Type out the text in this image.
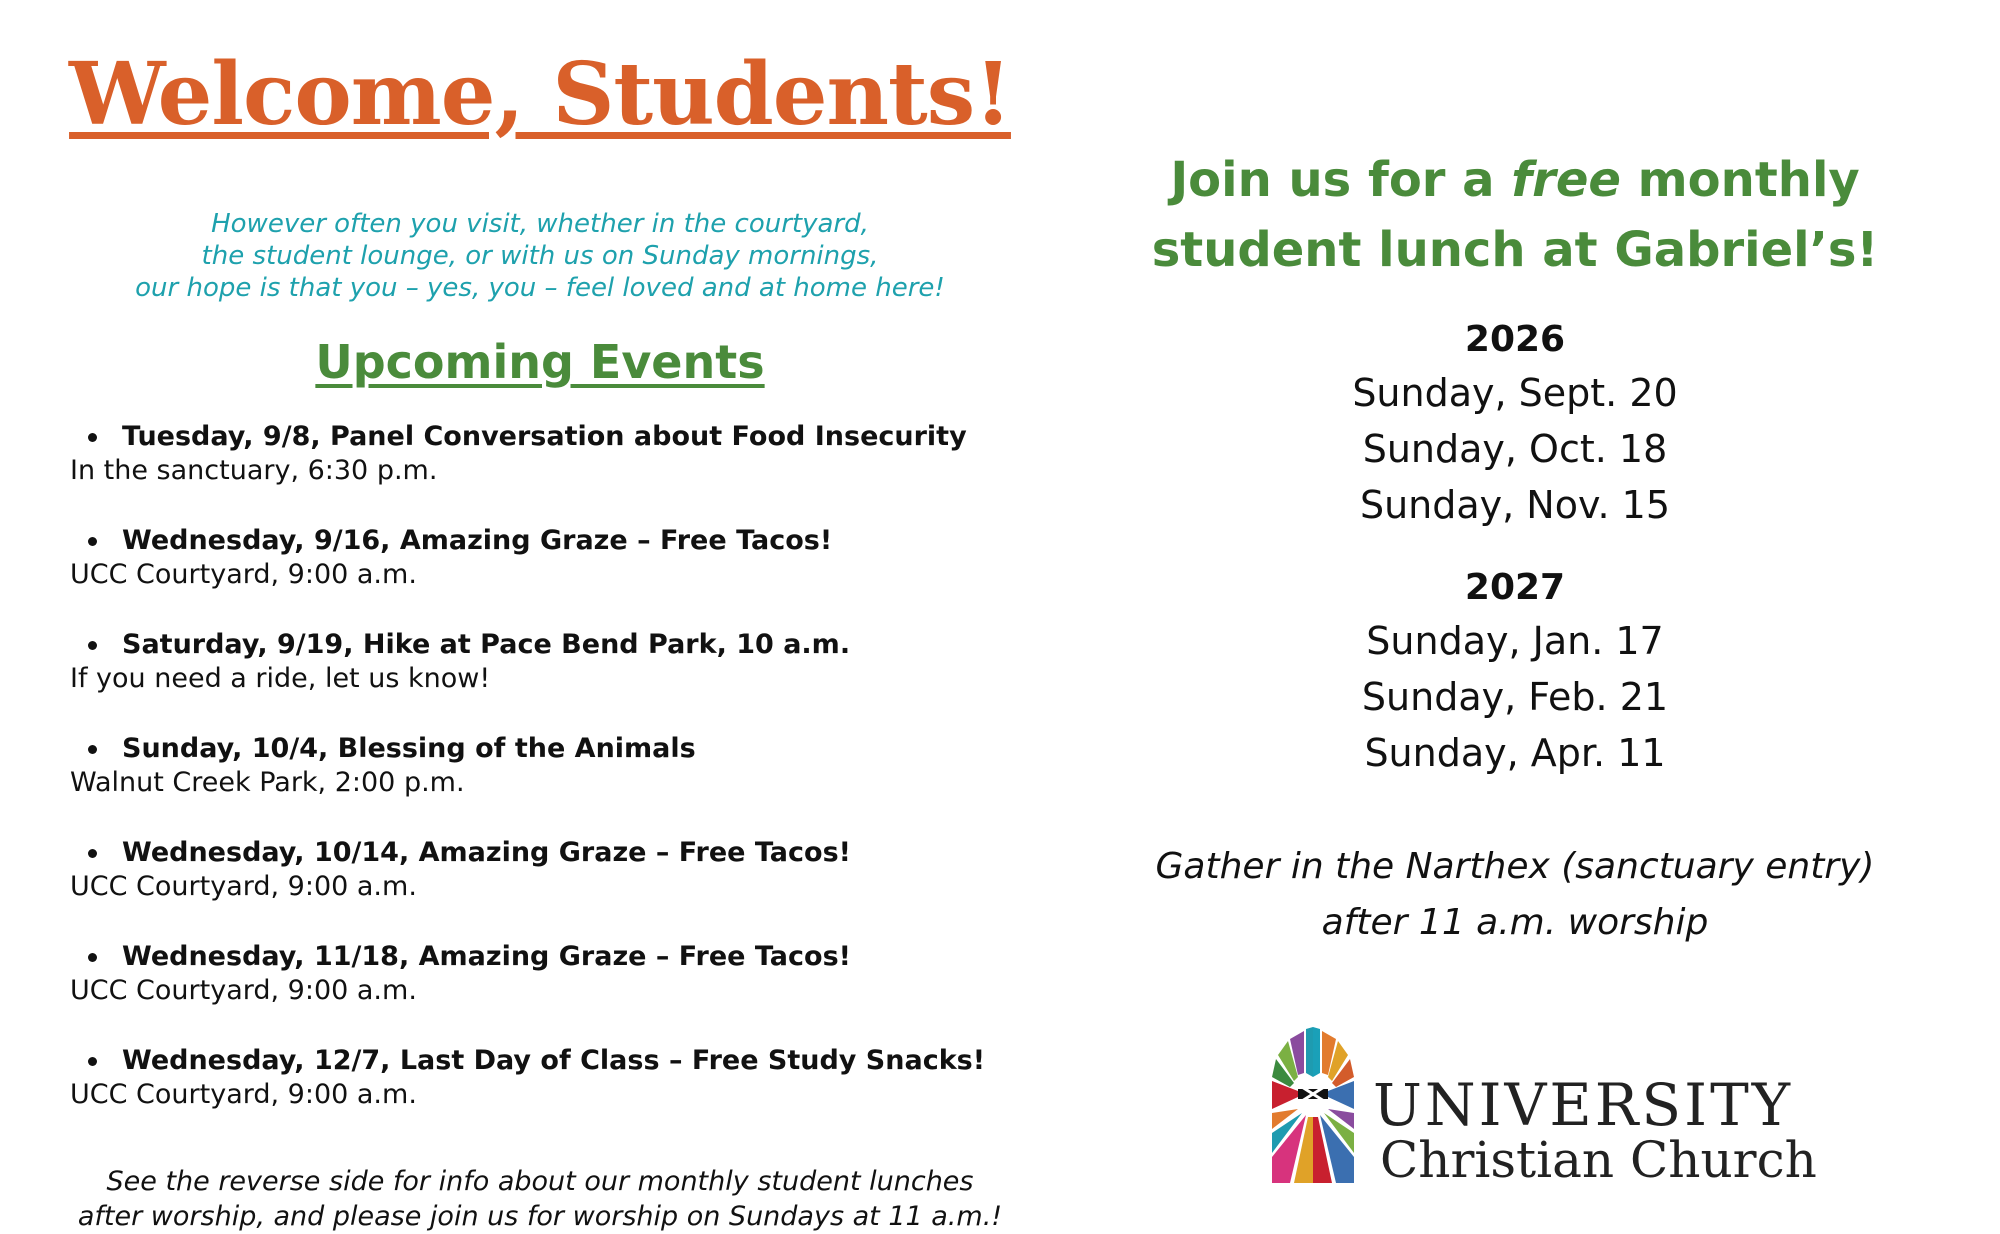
Welcome, Students!
However often you visit, whether in the courtyard,
the student lounge, or with us on Sunday mornings,
our hope is that you – yes, you – feel loved and at home here!
Upcoming Events
Tuesday, 9/8, Panel Conversation about Food Insecurity
In the sanctuary, 6:30 p.m.
Wednesday, 9/16, Amazing Graze – Free Tacos!
UCC Courtyard, 9:00 a.m.
Saturday, 9/19, Hike at Pace Bend Park, 10 a.m.
If you need a ride, let us know!
Sunday, 10/4, Blessing of the Animals
Walnut Creek Park, 2:00 p.m.
Wednesday, 10/14, Amazing Graze – Free Tacos!
UCC Courtyard, 9:00 a.m.
Wednesday, 11/18, Amazing Graze – Free Tacos!
UCC Courtyard, 9:00 a.m.
Wednesday, 12/7, Last Day of Class – Free Study Snacks!
UCC Courtyard, 9:00 a.m.
See the reverse side for info about our monthly student lunches
after worship, and please join us for worship on Sundays at 11 a.m.!
Join us for a free monthly
student lunch at Gabriel’s!
2026
Sunday, Sept. 20
Sunday, Oct. 18
Sunday, Nov. 15
2027
Sunday, Jan. 17
Sunday, Feb. 21
Sunday, Apr. 11
Gather in the Narthex (sanctuary entry)
after 11 a.m. worship
UNIVERSITY
Christian Church
